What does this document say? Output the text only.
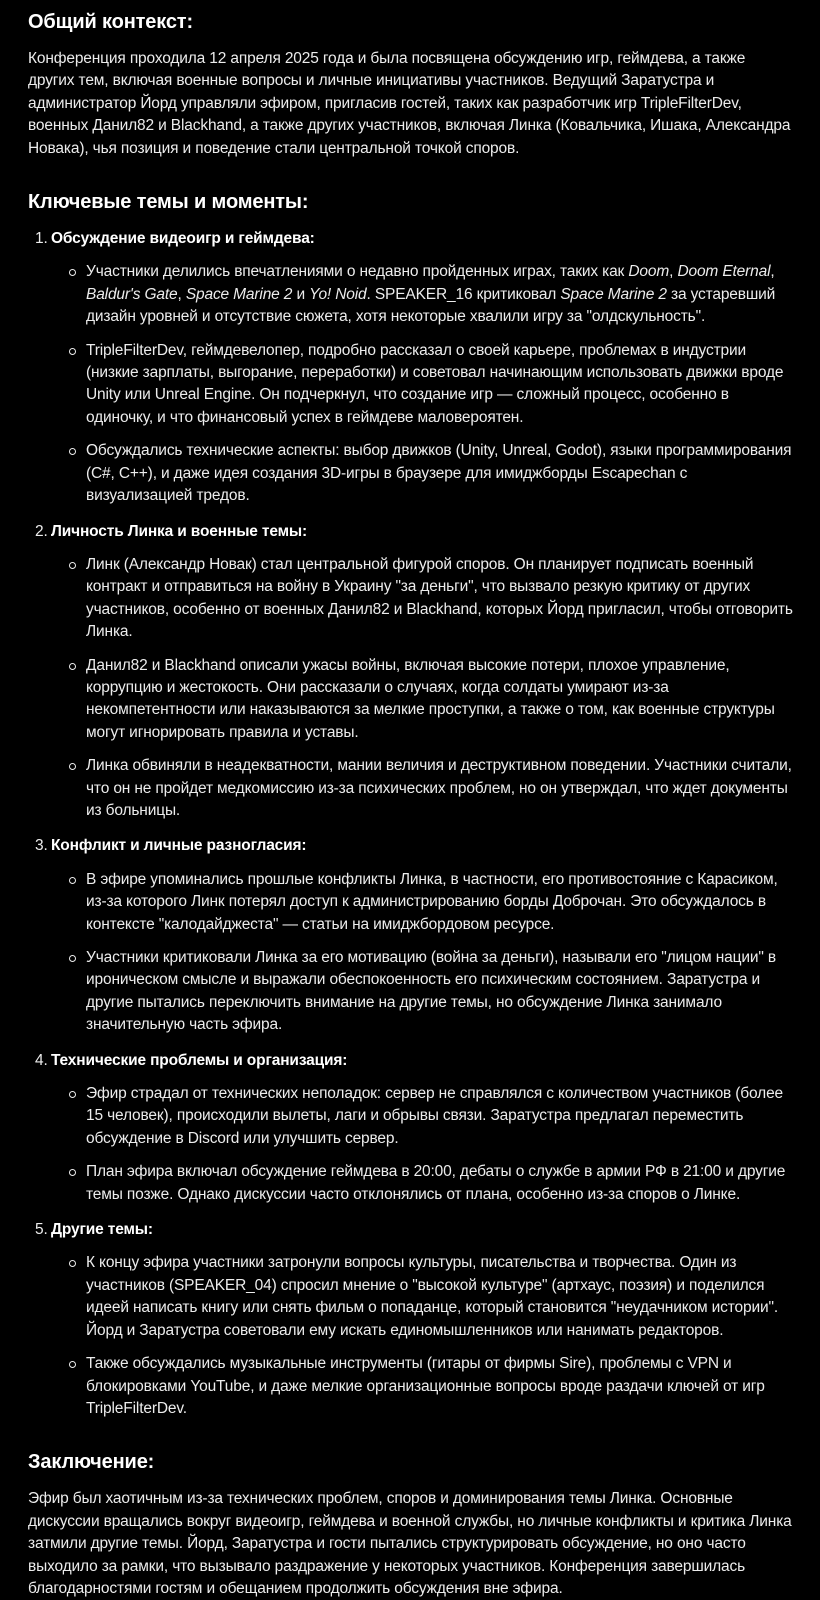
Общий контекст:

Конференция проходила 12 апреля 2025 года и была посвящена обсуждению игр, геймдева, а также других тем, включая военные вопросы и личные инициативы участников. Ведущий Заратустра и администратор Йорд управляли эфиром, пригласив гостей, таких как разработчик игр TripleFilterDev, военных Данил82 и Blackhand, а также других участников, включая Линка (Ковальчика, Ишака, Александра Новака), чья позиция и поведение стали центральной точкой споров.

Ключевые темы и моменты:
1. Обсуждение видеоигр и геймдева:
Участники делились впечатлениями о недавно пройденных играх, таких как Doom, Doom Eternal, Baldur's Gate, Space Marine 2 и Yo! Noid. SPEAKER_16 критиковал Space Marine 2 за устаревший дизайн уровней и отсутствие сюжета, хотя некоторые хвалили игру за "олдскульность".
TripleFilterDev, геймдевелопер, подробно рассказал о своей карьере, проблемах в индустрии (низкие зарплаты, выгорание, переработки) и советовал начинающим использовать движки вроде Unity или Unreal Engine. Он подчеркнул, что создание игр — сложный процесс, особенно в одиночку, и что финансовый успех в геймдеве маловероятен.
Обсуждались технические аспекты: выбор движков (Unity, Unreal, Godot), языки программирования (C#, C++), и даже идея создания 3D-игры в браузере для имиджборды Escapechan с визуализацией тредов.
2. Личность Линка и военные темы:
Линк (Александр Новак) стал центральной фигурой споров. Он планирует подписать военный контракт и отправиться на войну в Украину "за деньги", что вызвало резкую критику от других участников, особенно от военных Данил82 и Blackhand, которых Йорд пригласил, чтобы отговорить Линка.
Данил82 и Blackhand описали ужасы войны, включая высокие потери, плохое управление, коррупцию и жестокость. Они рассказали о случаях, когда солдаты умирают из-за некомпетентности или наказываются за мелкие проступки, а также о том, как военные структуры могут игнорировать правила и уставы.
Линка обвиняли в неадекватности, мании величия и деструктивном поведении. Участники считали, что он не пройдет медкомиссию из-за психических проблем, но он утверждал, что ждет документы из больницы.
3. Конфликт и личные разногласия:
В эфире упоминались прошлые конфликты Линка, в частности, его противостояние с Карасиком, из-за которого Линк потерял доступ к администрированию борды Доброчан. Это обсуждалось в контексте "калодайджеста" — статьи на имиджбордовом ресурсе.
Участники критиковали Линка за его мотивацию (война за деньги), называли его "лицом нации" в ироническом смысле и выражали обеспокоенность его психическим состоянием. Заратустра и другие пытались переключить внимание на другие темы, но обсуждение Линка занимало значительную часть эфира.
4. Технические проблемы и организация:
Эфир страдал от технических неполадок: сервер не справлялся с количеством участников (более 15 человек), происходили вылеты, лаги и обрывы связи. Заратустра предлагал переместить обсуждение в Discord или улучшить сервер.
План эфира включал обсуждение геймдева в 20:00, дебаты о службе в армии РФ в 21:00 и другие темы позже. Однако дискуссии часто отклонялись от плана, особенно из-за споров о Линке.
5. Другие темы:
К концу эфира участники затронули вопросы культуры, писательства и творчества. Один из участников (SPEAKER_04) спросил мнение о "высокой культуре" (артхаус, поэзия) и поделился идеей написать книгу или снять фильм о попаданце, который становится "неудачником истории". Йорд и Заратустра советовали ему искать единомышленников или нанимать редакторов.
Также обсуждались музыкальные инструменты (гитары от фирмы Sire), проблемы с VPN и блокировками YouTube, и даже мелкие организационные вопросы вроде раздачи ключей от игр TripleFilterDev.
Заключение:

Эфир был хаотичным из-за технических проблем, споров и доминирования темы Линка. Основные дискуссии вращались вокруг видеоигр, геймдева и военной службы, но личные конфликты и критика Линка затмили другие темы. Йорд, Заратустра и гости пытались структурировать обсуждение, но оно часто выходило за рамки, что вызывало раздражение у некоторых участников. Конференция завершилась благодарностями гостям и обещанием продолжить обсуждения вне эфира.
